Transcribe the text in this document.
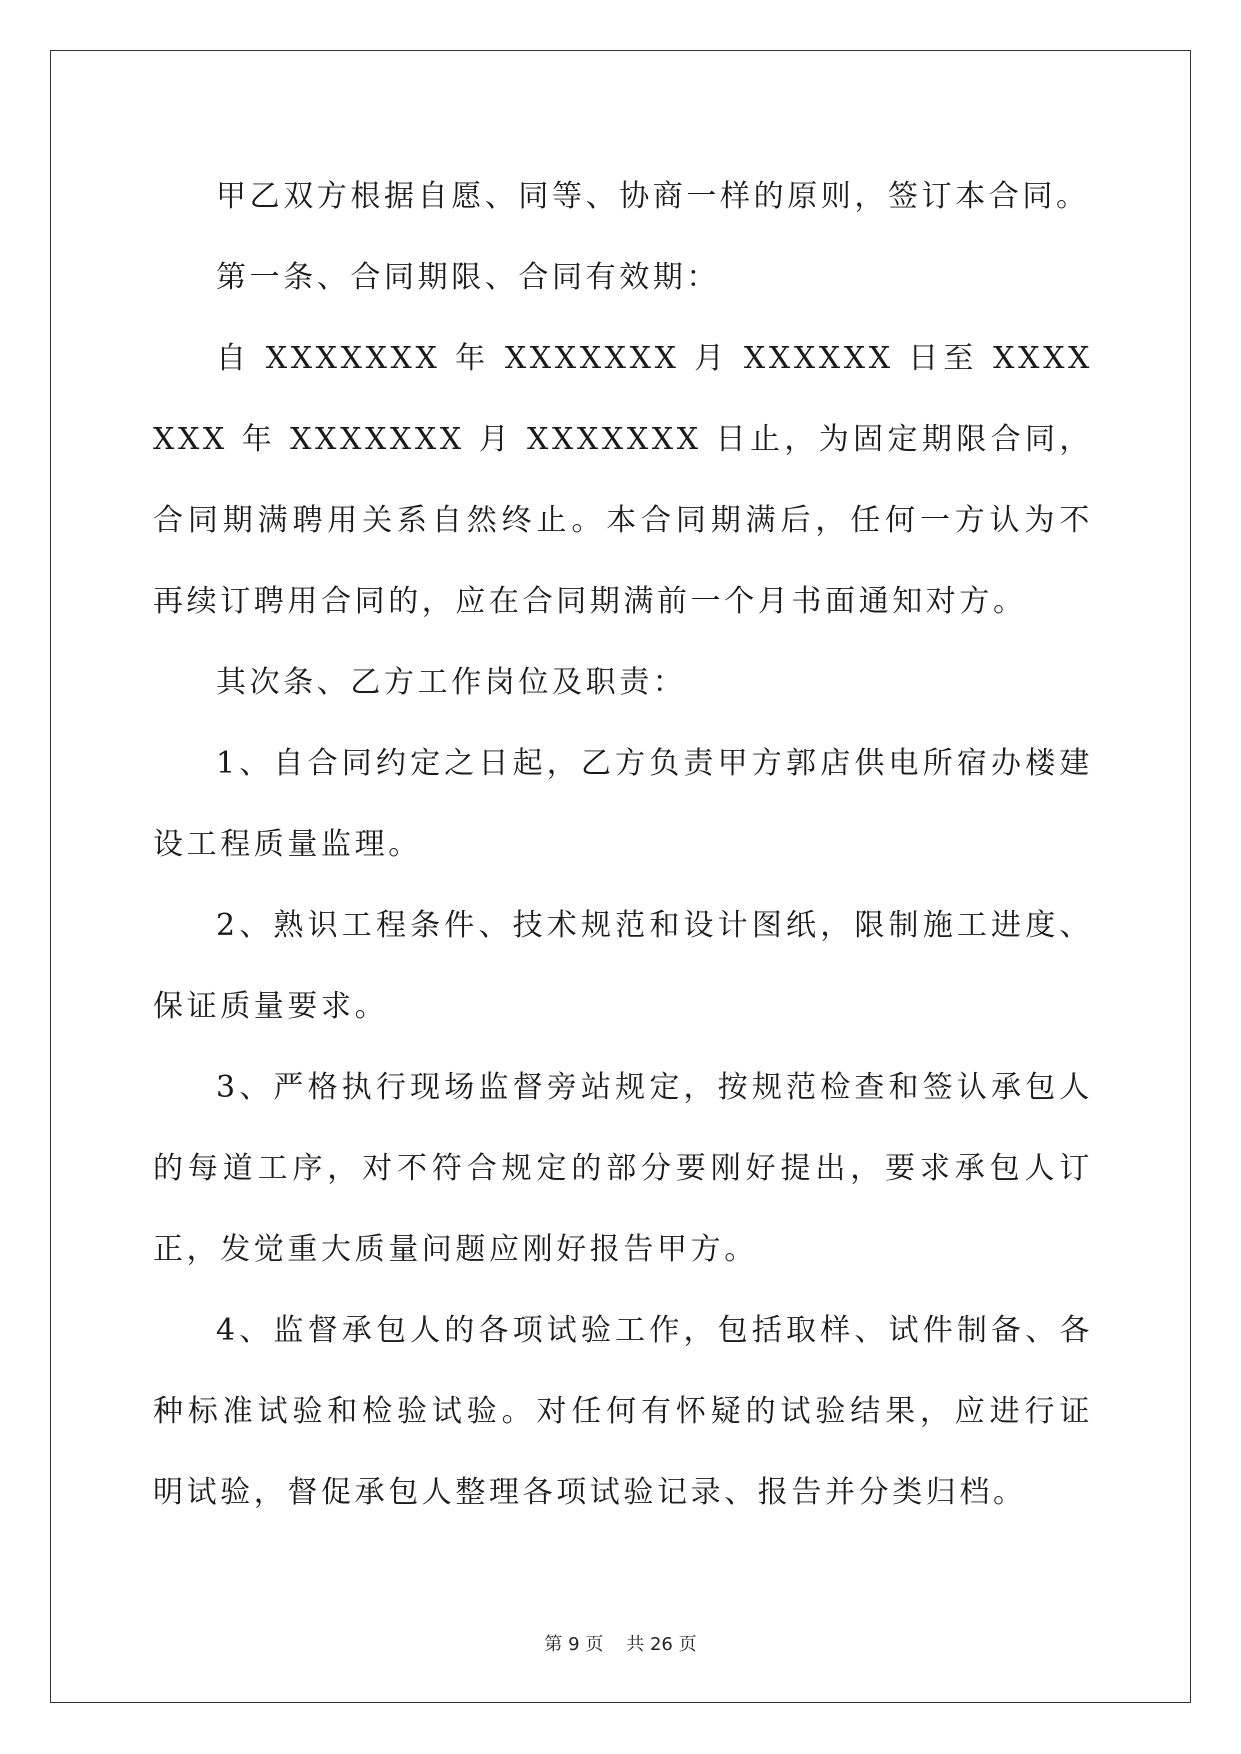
甲乙双方根据自愿、同等、协商一样的原则，签订本合同。

第一条、合同期限、合同有效期：

自 XXXXXXX 年 XXXXXXX 月 XXXXXX 日至 XXXXXXX 年 XXXXXXX 月 XXXXXXX 日止，为固定期限合同，合同期满聘用关系自然终止。本合同期满后，任何一方认为不再续订聘用合同的，应在合同期满前一个月书面通知对方。

其次条、乙方工作岗位及职责：

1、自合同约定之日起，乙方负责甲方郭店供电所宿办楼建设工程质量监理。

2、熟识工程条件、技术规范和设计图纸，限制施工进度、保证质量要求。

3、严格执行现场监督旁站规定，按规范检查和签认承包人的每道工序，对不符合规定的部分要刚好提出，要求承包人订正，发觉重大质量问题应刚好报告甲方。

4、监督承包人的各项试验工作，包括取样、试件制备、各种标准试验和检验试验。对任何有怀疑的试验结果，应进行证明试验，督促承包人整理各项试验记录、报告并分类归档。

第 9 页 共 26 页
